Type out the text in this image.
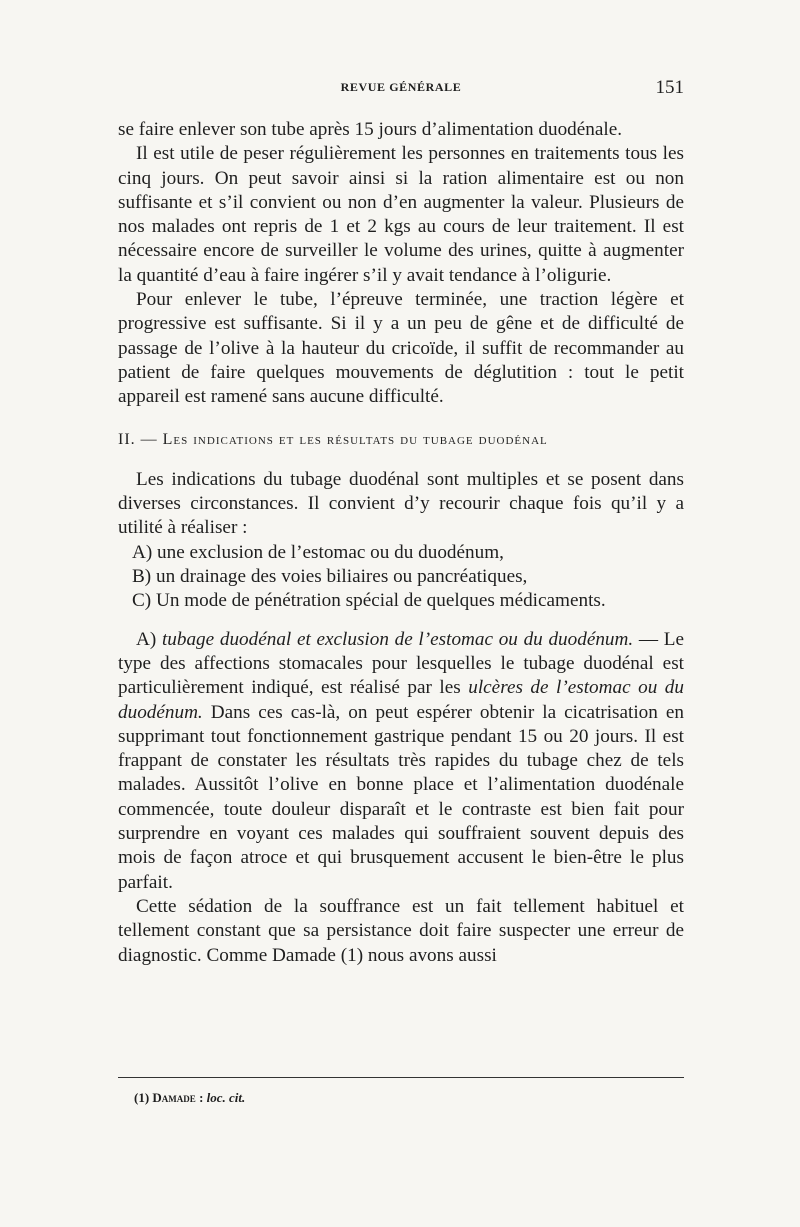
REVUE GÉNÉRALE	151

se faire enlever son tube après 15 jours d’alimentation duodénale.

Il est utile de peser régulièrement les personnes en traitements tous les cinq jours. On peut savoir ainsi si la ration alimentaire est ou non suffisante et s’il convient ou non d’en augmenter la valeur. Plusieurs de nos malades ont repris de 1 et 2 kgs au cours de leur traitement. Il est nécessaire encore de surveiller le volume des urines, quitte à augmenter la quantité d’eau à faire ingérer s’il y avait tendance à l’oligurie.

Pour enlever le tube, l’épreuve terminée, une traction légère et progressive est suffisante. Si il y a un peu de gêne et de difficulté de passage de l’olive à la hauteur du cricoïde, il suffit de recommander au patient de faire quelques mouvements de déglutition : tout le petit appareil est ramené sans aucune difficulté.

II. — Les indications et les résultats du tubage duodénal

Les indications du tubage duodénal sont multiples et se posent dans diverses circonstances. Il convient d’y recourir chaque fois qu’il y a utilité à réaliser :

A) une exclusion de l’estomac ou du duodénum,

B) un drainage des voies biliaires ou pancréatiques,

C) Un mode de pénétration spécial de quelques médicaments.

A) tubage duodénal et exclusion de l’estomac ou du duodénum. — Le type des affections stomacales pour lesquelles le tubage duodénal est particulièrement indiqué, est réalisé par les ulcères de l’estomac ou du duodénum. Dans ces cas-là, on peut espérer obtenir la cicatrisation en supprimant tout fonctionnement gastrique pendant 15 ou 20 jours. Il est frappant de constater les résultats très rapides du tubage chez de tels malades. Aussitôt l’olive en bonne place et l’alimentation duodénale commencée, toute douleur disparaît et le contraste est bien fait pour surprendre en voyant ces malades qui souffraient souvent depuis des mois de façon atroce et qui brusquement accusent le bien-être le plus parfait.

Cette sédation de la souffrance est un fait tellement habituel et tellement constant que sa persistance doit faire suspecter une erreur de diagnostic. Comme Damade (1) nous avons aussi

(1) Damade : loc. cit.
